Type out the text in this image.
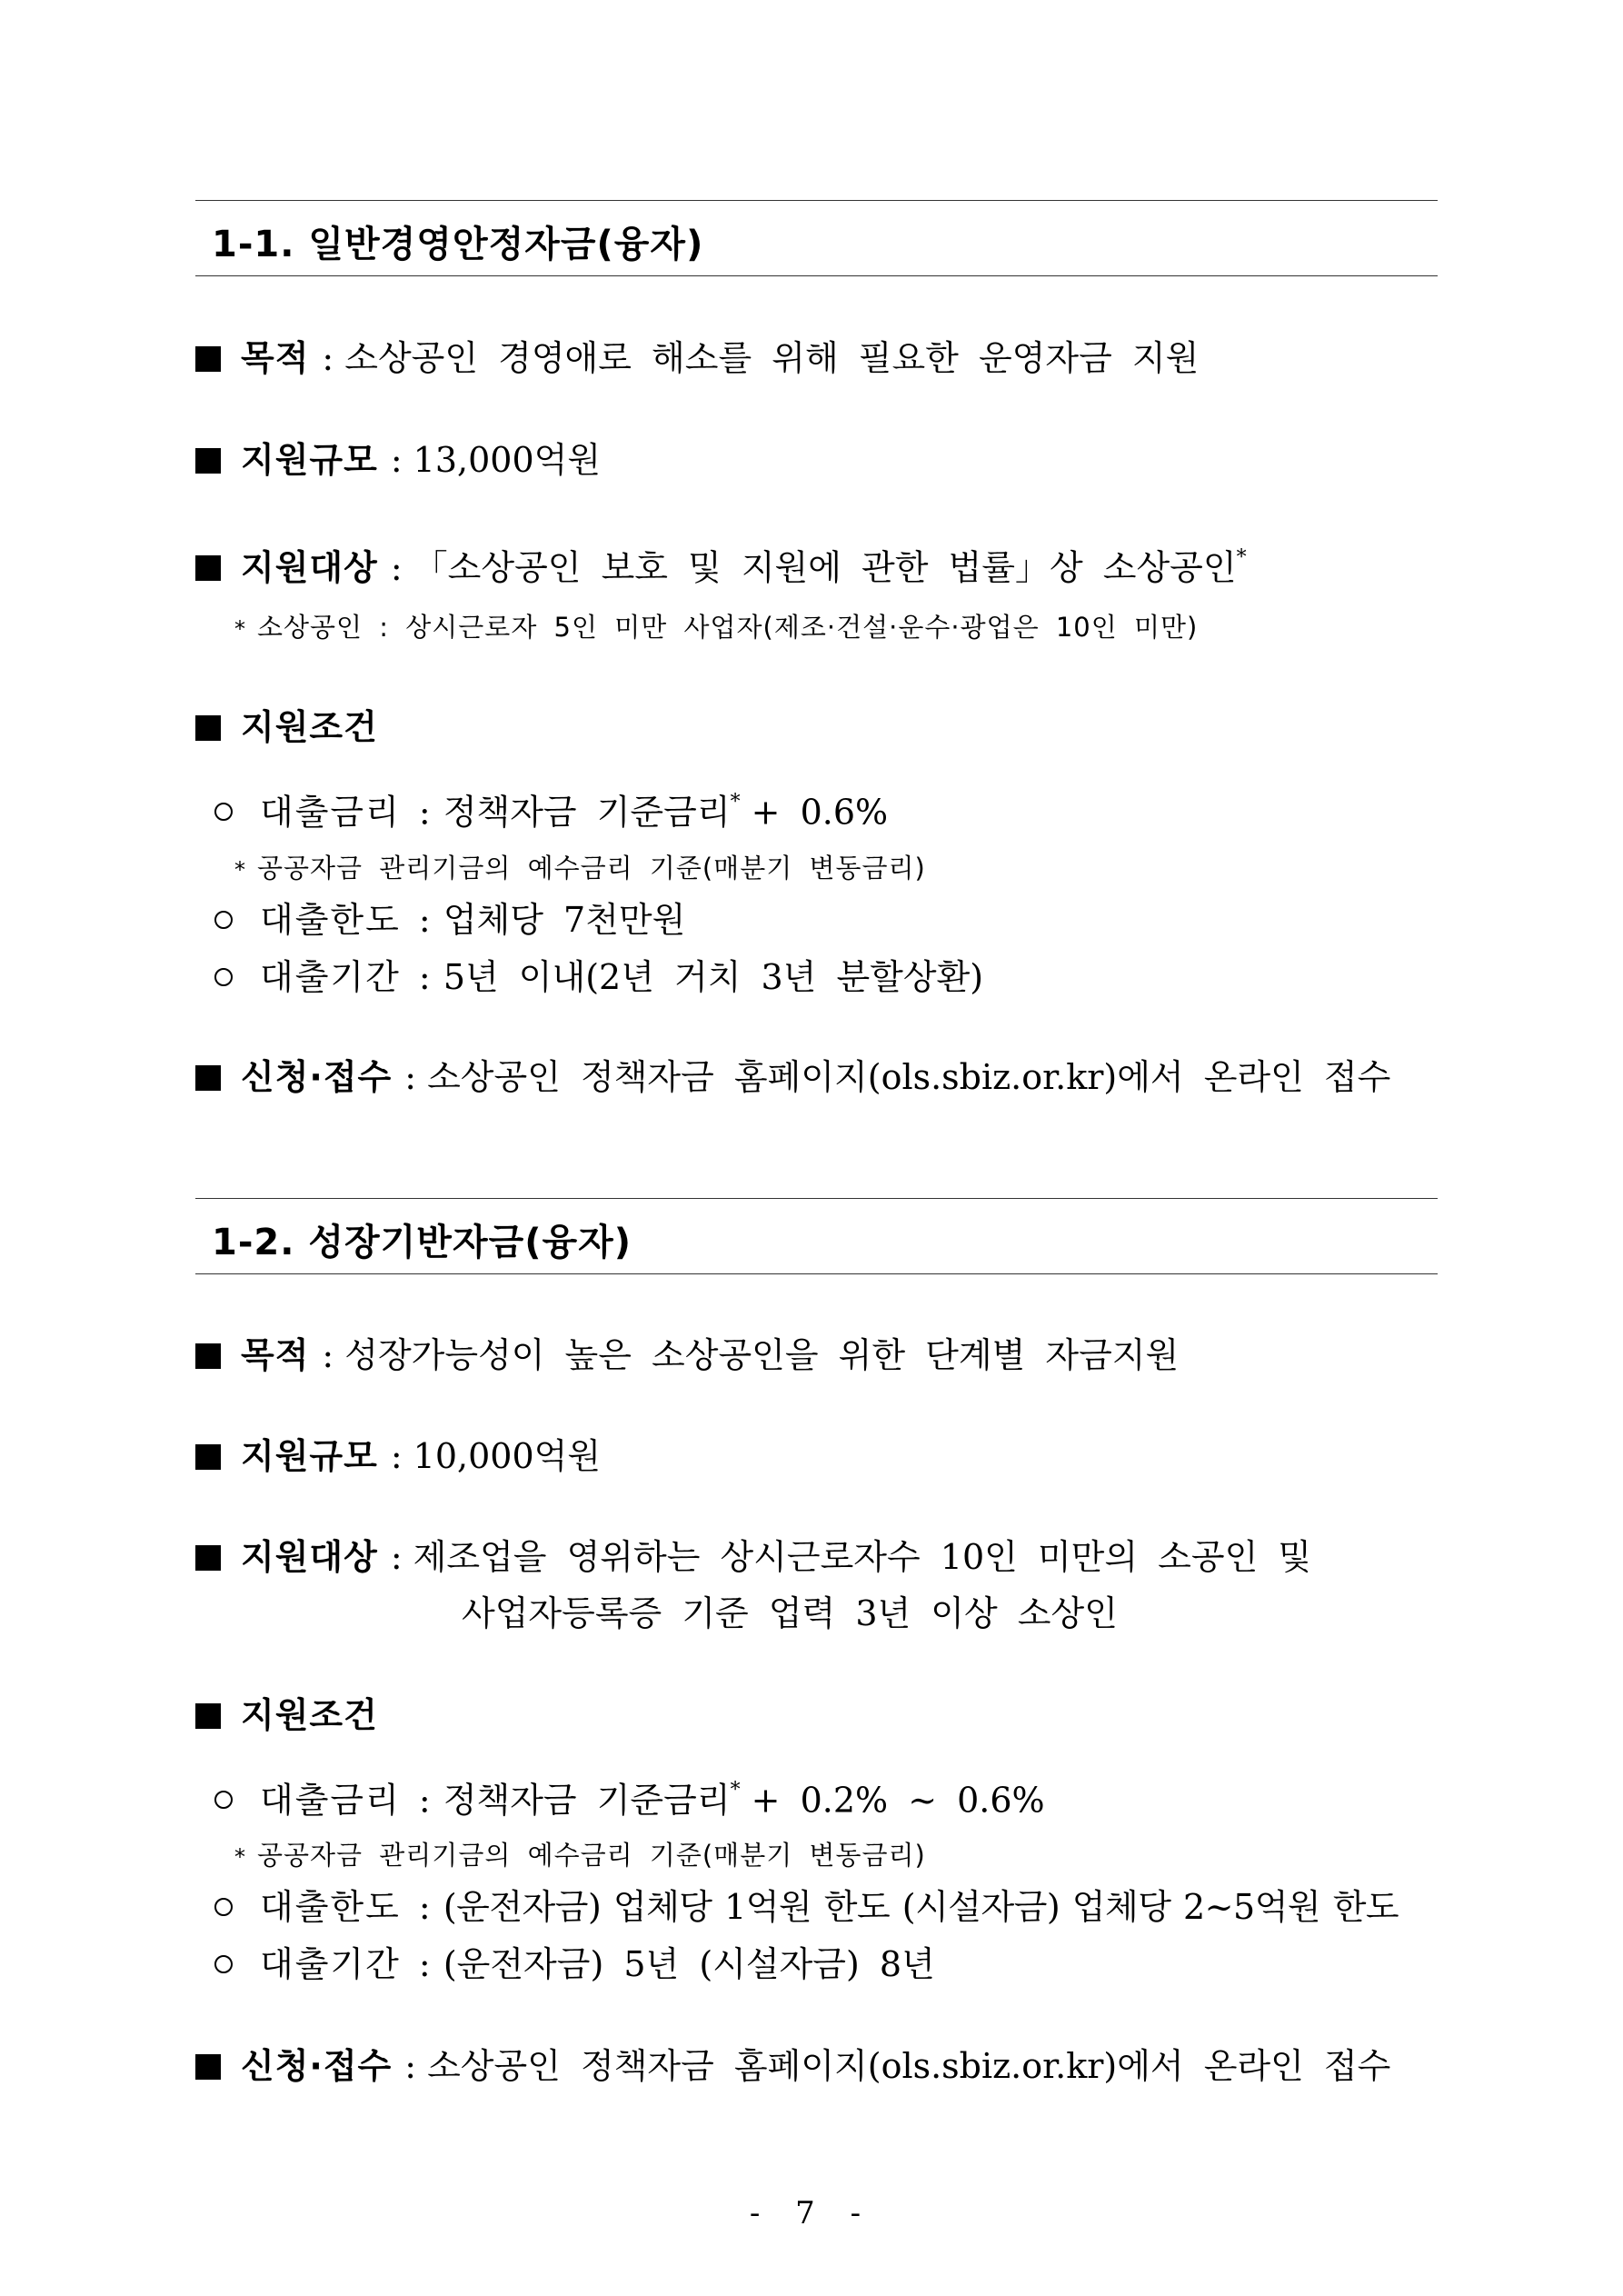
1-1. 일반경영안정자금(융자)
목적 : 소상공인 경영애로 해소를 위해 필요한 운영자금 지원
지원규모 : 13,000억원
지원대상 : 「소상공인 보호 및 지원에 관한 법률」상 소상공인*
* 소상공인 : 상시근로자 5인 미만 사업자(제조·건설·운수·광업은 10인 미만)
지원조건
대출금리 : 정책자금 기준금리* + 0.6%
* 공공자금 관리기금의 예수금리 기준(매분기 변동금리)
대출한도 : 업체당 7천만원
대출기간 : 5년 이내(2년 거치 3년 분할상환)
신청·접수 : 소상공인 정책자금 홈페이지(ols.sbiz.or.kr)에서 온라인 접수
1-2. 성장기반자금(융자)
목적 : 성장가능성이 높은 소상공인을 위한 단계별 자금지원
지원규모 : 10,000억원
지원대상 : 제조업을 영위하는 상시근로자수 10인 미만의 소공인 및
사업자등록증 기준 업력 3년 이상 소상인
지원조건
대출금리 : 정책자금 기준금리* + 0.2% ~ 0.6%
* 공공자금 관리기금의 예수금리 기준(매분기 변동금리)
대출한도 : (운전자금) 업체당 1억원 한도 (시설자금) 업체당 2~5억원 한도
대출기간 : (운전자금) 5년 (시설자금) 8년
신청·접수 : 소상공인 정책자금 홈페이지(ols.sbiz.or.kr)에서 온라인 접수
- 7 -
